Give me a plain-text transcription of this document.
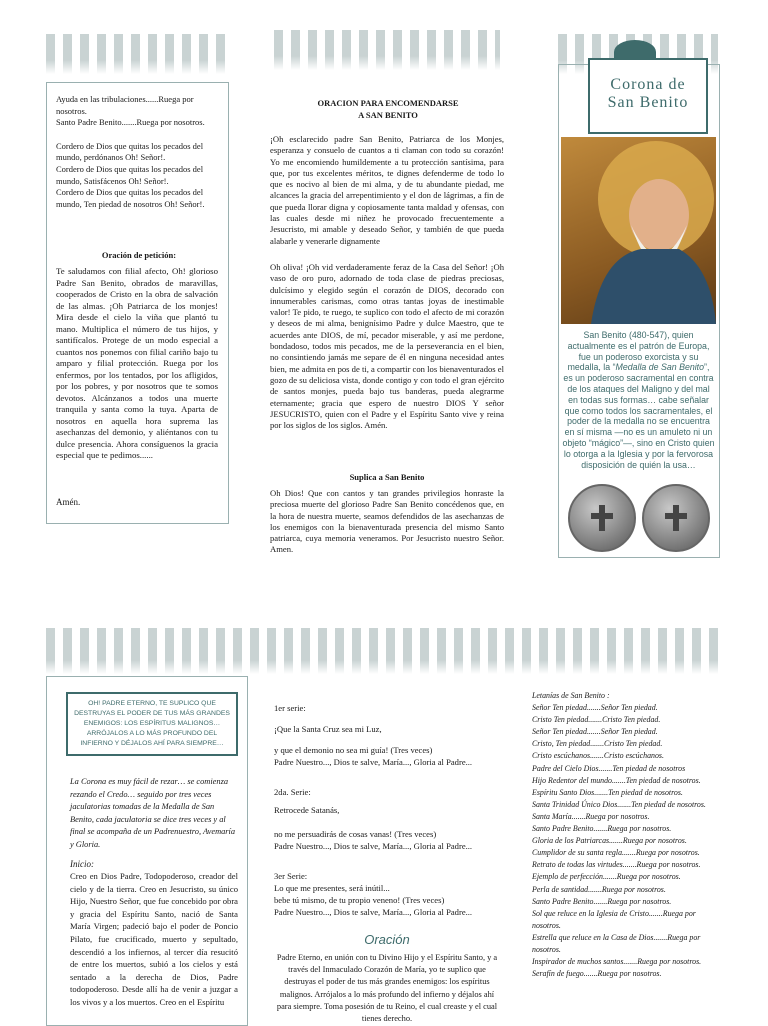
Ayuda en las tribulaciones......Ruega por nosotros.

Santo Padre Benito.......Ruega por nosotros.

Cordero de Dios que quitas los pecados del mundo, perdónanos Oh! Señor!.

Cordero de Dios que quitas los pecados del mundo, Satisfácenos Oh! Señor!.

Cordero de Dios que quitas los pecados del mundo, Ten piedad de nosotros Oh! Señor!.

Oración de petición:
Te saludamos con filial afecto, Oh! glorioso Padre San Benito, obrados de maravillas, cooperados de Cristo en la obra de salvación de las almas. ¡Oh Patriarca de los monjes! Mira desde el cielo la viña que plantó tu mano. Multiplica el número de tus hijos, y santifícalos. Protege de un modo especial a cuantos nos ponemos con filial cariño bajo tu amparo y filial protección. Ruega por los enfermos, por los tentados, por los afligidos, por los pobres, y por nosotros que te somos devotos. Alcánzanos a todos una muerte tranquila y santa como la tuya. Aparta de nosotros en aquella hora suprema las asechanzas del demonio, y aliéntanos con tu dulce presencia. Ahora consíguenos la gracia especial que te pedimos......
Amén.

ORACION PARA ENCOMENDARSE

A SAN BENITO

¡Oh esclarecido padre San Benito, Patriarca de los Monjes, esperanza y consuelo de cuantos a ti claman con todo su corazón! Yo me encomiendo humildemente a tu protección santísima, para que, por tus excelentes méritos, te dignes defenderme de todo lo que es nocivo al bien de mi alma, y de tu abundante piedad, me alcances la gracia del arrepentimiento y el don de lágrimas, a fin de que pueda llorar digna y copiosamente tanta maldad y ofensas, con las cuales desde mi niñez he provocado frecuentemente a Jesucristo, mi amable y deseado Señor, y también de que pueda alabarle y venerarle dignamente
Oh oliva! ¡Oh vid verdaderamente feraz de la Casa del Señor! ¡Oh vaso de oro puro, adornado de toda clase de piedras preciosas, dulcísimo y elegido según el corazón de DIOS, decorado con innumerables carismas, como otras tantas joyas de inestimable valor! Te pido, te ruego, te suplico con todo el afecto de mi corazón y deseos de mi alma, benignísimo Padre y dulce Maestro, que te acuerdes ante DIOS, de mí, pecador miserable, y así me perdone, bondadoso, todos mis pecados, me de la perseverancia en el bien, no consintiendo jamás me separe de él en ninguna necesidad antes bien, me admita en pos de ti, a compartir con los bienaventurados el gozo de su deliciosa vista, donde contigo y con todo el gran ejército de santos monjes, pueda bajo tus banderas, pueda alegrarme eternamente; gracia que espero de nuestro DIOS Y señor JESUCRISTO, quien con el Padre y el Espíritu Santo vive y reina por los siglos de los siglos. Amén.
Suplica a San Benito
Oh Dios! Que con cantos y tan grandes privilegios honraste la preciosa muerte del glorioso Padre San Benito concédenos que, en la hora de nuestra muerte, seamos defendidos de las asechanzas de los enemigos con la bienaventurada presencia del mismo Santo patriarca, cuya memoria veneramos. Por Jesucristo nuestro Señor. Amen.
Corona de
San Benito
San Benito (480-547), quien actualmente es el patrón de Europa, fue un poderoso exorcista y su medalla, la “Medalla de San Benito”, es un poderoso sacramental en contra de los ataques del Maligno y del mal en todas sus formas… cabe señalar que como todos los sacramentales, el poder de la medalla no se encuentra en sí misma —no es un amuleto ni un objeto “mágico”—, sino en Cristo quien lo otorga a la Iglesia y por la fervorosa disposición de quién la usa…
OH! PADRE ETERNO, TE SUPLICO QUE DESTRUYAS EL PODER DE TUS MÁS GRANDES ENEMIGOS: LOS ESPÍRITUS MALIGNOS… ARRÓJALOS A LO MÁS PROFUNDO DEL INFIERNO Y DÉJALOS AHÍ PARA SIEMPRE…
La Corona es muy fácil de rezar… se comienza rezando el Credo… seguido por tres veces jaculatorias tomadas de la Medalla de San Benito, cada jaculatoria se dice tres veces y al final se acompaña de un Padrenuestro, Avemaría y Gloria.
Inicio:
Creo en Dios Padre, Todopoderoso, creador del cielo y de la tierra. Creo en Jesucristo, su único Hijo, Nuestro Señor, que fue concebido por obra y gracia del Espíritu Santo, nació de Santa María Virgen; padeció bajo el poder de Poncio Pilato, fue crucificado, muerto y sepultado, descendió a los infiernos, al tercer día resucitó de entre los muertos, subió a los cielos y está sentado a la derecha de Dios, Padre todopoderoso. Desde allí ha de venir a juzgar a los vivos y a los muertos. Creo en el Espíritu

1er serie:

¡Que la Santa Cruz sea mi Luz,

y que el demonio no sea mi guía! (Tres veces)

Padre Nuestro..., Dios te salve, María..., Gloria al Padre...

2da. Serie:

Retrocede Satanás,

no me persuadirás de cosas vanas! (Tres veces)

Padre Nuestro..., Dios te salve, María..., Gloria al Padre...

3er Serie:

Lo que me presentes, será inútil...

bebe tú mismo, de tu propio veneno! (Tres veces)

Padre Nuestro..., Dios te salve, María..., Gloria al Padre...

Oración
Padre Eterno, en unión con tu Divino Hijo y el Espíritu Santo, y a través del Inmaculado Corazón de María, yo te suplico que destruyas el poder de tus más grandes enemigos: los espíritus malignos. Arrójalos a lo más profundo del infierno y déjalos ahí para siempre. Toma posesión de tu Reino, el cual creaste y el cual tienes derecho.

Letanías de San Benito :

Señor Ten piedad.......Señor Ten piedad.

Cristo Ten piedad.......Cristo Ten piedad.

Señor Ten piedad.......Señor Ten piedad.

Cristo, Ten piedad.......Cristo Ten piedad.

Cristo escúchanos.......Cristo escúchanos.

Padre del Cielo Dios.......Ten piedad de nosotros

Hijo Redentor del mundo.......Ten piedad de nosotros.

Espíritu Santo Dios.......Ten piedad de nosotros.

Santa Trinidad Único Dios.......Ten piedad de nosotros.

Santa María.......Ruega por nosotros.

Santo Padre Benito.......Ruega por nosotros.

Gloria de los Patriarcas.......Ruega por nosotros.

Cumplidor de su santa regla.......Ruega por nosotros.

Retrato de todas las virtudes.......Ruega por nosotros.

Ejemplo de perfección.......Ruega por nosotros.

Perla de santidad.......Ruega por nosotros.

Santo Padre Benito.......Ruega por nosotros.

Sol que reluce en la Iglesia de Cristo.......Ruega por nosotros.

Estrella que reluce en la Casa de Dios.......Ruega por nosotros.

Inspirador de muchos santos.......Ruega por nosotros.

Serafín de fuego.......Ruega por nosotros.
